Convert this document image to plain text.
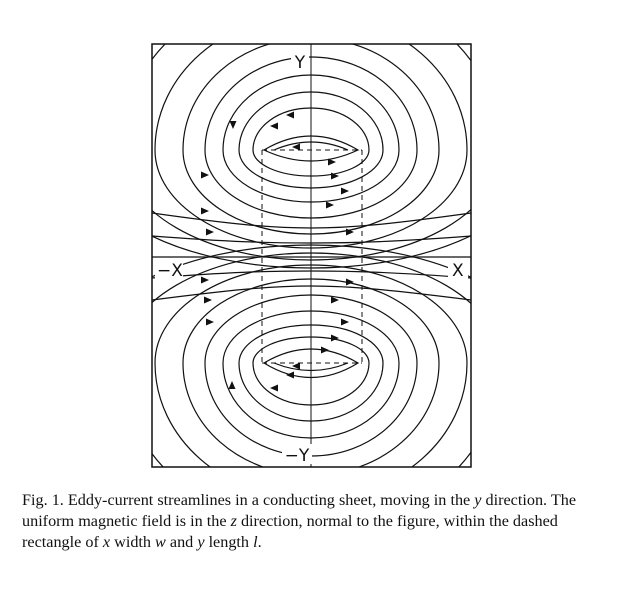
Y
−Y
−X	X

Fig. 1. Eddy-current streamlines in a conducting sheet, moving in the y direction. The uniform magnetic field is in the z direction, normal to the figure, within the dashed rectangle of x width w and y length l.
